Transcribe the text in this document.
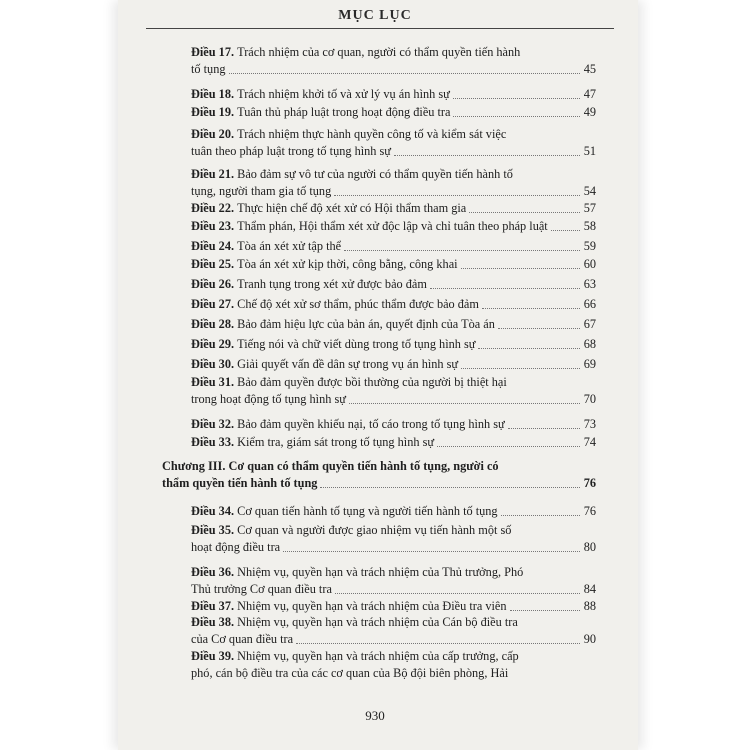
MỤC LỤC
Điều 17. Trách nhiệm của cơ quan, người có thẩm quyền tiến hành
tố tụng	45
Điều 18. Trách nhiệm khởi tố và xử lý vụ án hình sự	47
Điều 19. Tuân thủ pháp luật trong hoạt động điều tra	49
Điều 20. Trách nhiệm thực hành quyền công tố và kiểm sát việc
tuân theo pháp luật trong tố tụng hình sự	51
Điều 21. Bảo đảm sự vô tư của người có thẩm quyền tiến hành tố
tụng, người tham gia tố tụng	54
Điều 22. Thực hiện chế độ xét xử có Hội thẩm tham gia	57
Điều 23. Thẩm phán, Hội thẩm xét xử độc lập và chỉ tuân theo pháp luật	58
Điều 24. Tòa án xét xử tập thể	59
Điều 25. Tòa án xét xử kịp thời, công bằng, công khai	60
Điều 26. Tranh tụng trong xét xử được bảo đảm	63
Điều 27. Chế độ xét xử sơ thẩm, phúc thẩm được bảo đảm	66
Điều 28. Bảo đảm hiệu lực của bản án, quyết định của Tòa án	67
Điều 29. Tiếng nói và chữ viết dùng trong tố tụng hình sự	68
Điều 30. Giải quyết vấn đề dân sự trong vụ án hình sự	69
Điều 31. Bảo đảm quyền được bồi thường của người bị thiệt hại
trong hoạt động tố tụng hình sự	70
Điều 32. Bảo đảm quyền khiếu nại, tố cáo trong tố tụng hình sự	73
Điều 33. Kiểm tra, giám sát trong tố tụng hình sự	74
Chương III. Cơ quan có thẩm quyền tiến hành tố tụng, người có
thẩm quyền tiến hành tố tụng	76
Điều 34. Cơ quan tiến hành tố tụng và người tiến hành tố tụng	76
Điều 35. Cơ quan và người được giao nhiệm vụ tiến hành một số
hoạt động điều tra	80
Điều 36. Nhiệm vụ, quyền hạn và trách nhiệm của Thủ trưởng, Phó
Thủ trưởng Cơ quan điều tra	84
Điều 37. Nhiệm vụ, quyền hạn và trách nhiệm của Điều tra viên	88
Điều 38. Nhiệm vụ, quyền hạn và trách nhiệm của Cán bộ điều tra
của Cơ quan điều tra	90
Điều 39. Nhiệm vụ, quyền hạn và trách nhiệm của cấp trưởng, cấp
phó, cán bộ điều tra của các cơ quan của Bộ đội biên phòng, Hải
930
